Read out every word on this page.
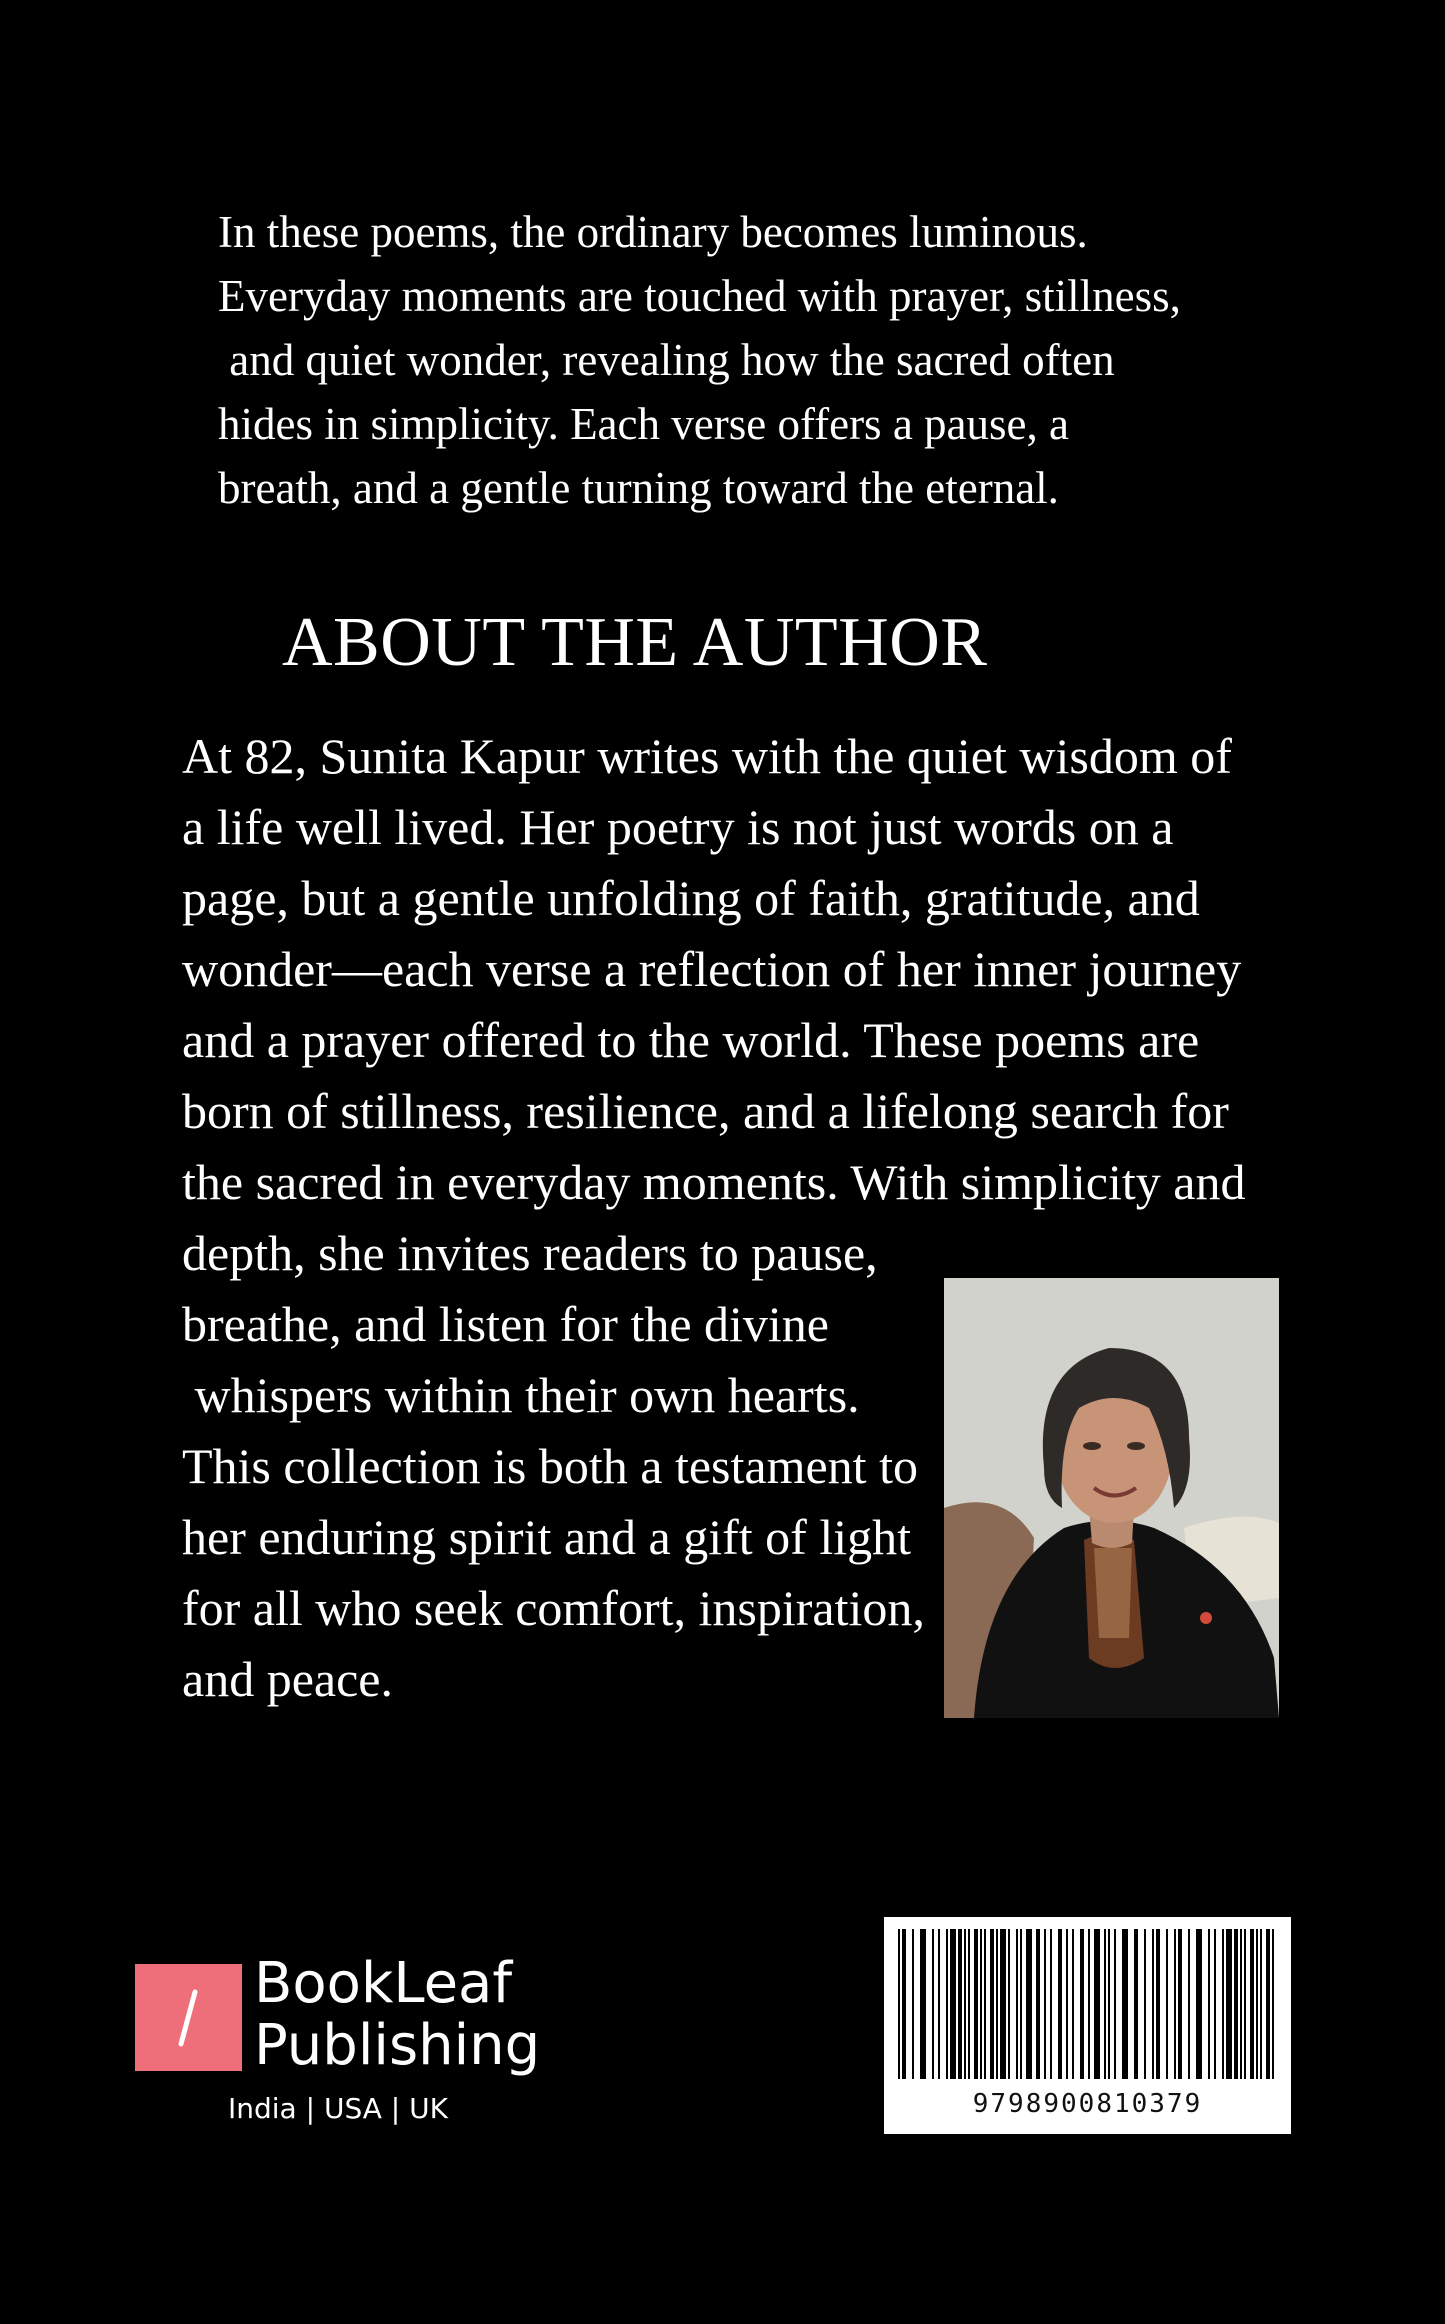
In these poems, the ordinary becomes luminous.
Everyday moments are touched with prayer, stillness,
and quiet wonder, revealing how the sacred often
hides in simplicity. Each verse offers a pause, a
breath, and a gentle turning toward the eternal.

ABOUT THE AUTHOR

At 82, Sunita Kapur writes with the quiet wisdom of
a life well lived. Her poetry is not just words on a
page, but a gentle unfolding of faith, gratitude, and
wonder—each verse a reflection of her inner journey
and a prayer offered to the world. These poems are
born of stillness, resilience, and a lifelong search for
the sacred in everyday moments. With simplicity and
depth, she invites readers to pause,
breathe, and listen for the divine
whispers within their own hearts.
This collection is both a testament to
her enduring spirit and a gift of light
for all who seek comfort, inspiration,
and peace.

BookLeaf
Publishing

India | USA | UK	9798900810379
